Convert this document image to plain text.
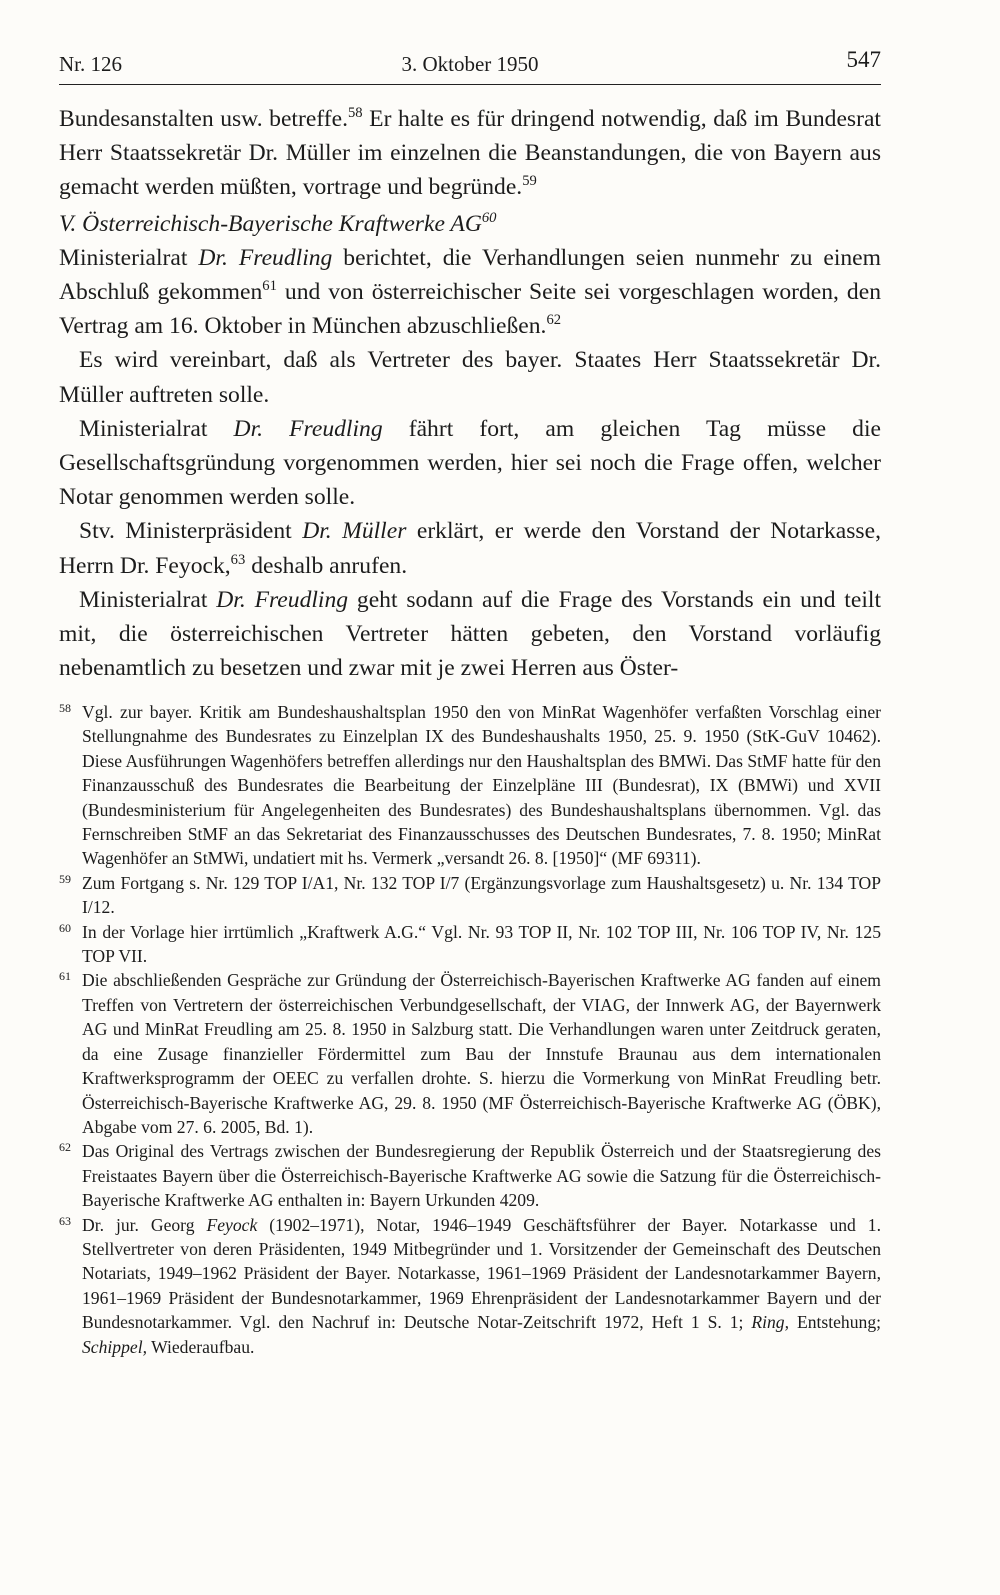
Nr. 126	3. Oktober 1950	547

Bundesanstalten usw. betreffe.$^{58}$ Er halte es für dringend notwendig, daß im Bundesrat Herr Staatssekretär Dr. Müller im einzelnen die Beanstandungen, die von Bayern aus gemacht werden müßten, vortrage und begründe.$^{59}$

V. Österreichisch-Bayerische Kraftwerke AG$^{60}$

Ministerialrat Dr. Freudling berichtet, die Verhandlungen seien nunmehr zu einem Abschluß gekommen$^{61}$ und von österreichischer Seite sei vorgeschlagen worden, den Vertrag am 16. Oktober in München abzuschließen.$^{62}$

Es wird vereinbart, daß als Vertreter des bayer. Staates Herr Staatssekretär Dr. Müller auftreten solle.

Ministerialrat Dr. Freudling fährt fort, am gleichen Tag müsse die Gesellschaftsgründung vorgenommen werden, hier sei noch die Frage offen, welcher Notar genommen werden solle.

Stv. Ministerpräsident Dr. Müller erklärt, er werde den Vorstand der Notarkasse, Herrn Dr. Feyock,$^{63}$ deshalb anrufen.

Ministerialrat Dr. Freudling geht sodann auf die Frage des Vorstands ein und teilt mit, die österreichischen Vertreter hätten gebeten, den Vorstand vorläufig nebenamtlich zu besetzen und zwar mit je zwei Herren aus Öster-

58 Vgl. zur bayer. Kritik am Bundeshaushaltsplan 1950 den von MinRat Wagenhöfer verfaßten Vorschlag einer Stellungnahme des Bundesrates zu Einzelplan IX des Bundeshaushalts 1950, 25. 9. 1950 (StK-GuV 10462). Diese Ausführungen Wagenhöfers betreffen allerdings nur den Haushaltsplan des BMWi. Das StMF hatte für den Finanzausschuß des Bundesrates die Bearbeitung der Einzelpläne III (Bundesrat), IX (BMWi) und XVII (Bundesministerium für Angelegenheiten des Bundesrates) des Bundeshaushaltsplans übernommen. Vgl. das Fernschreiben StMF an das Sekretariat des Finanzausschusses des Deutschen Bundesrates, 7. 8. 1950; MinRat Wagenhöfer an StMWi, undatiert mit hs. Vermerk „versandt 26. 8. [1950]“ (MF 69311).
59 Zum Fortgang s. Nr. 129 TOP I/A1, Nr. 132 TOP I/7 (Ergänzungsvorlage zum Haushaltsgesetz) u. Nr. 134 TOP I/12.
60 In der Vorlage hier irrtümlich „Kraftwerk A.G.“ Vgl. Nr. 93 TOP II, Nr. 102 TOP III, Nr. 106 TOP IV, Nr. 125 TOP VII.
61 Die abschließenden Gespräche zur Gründung der Österreichisch-Bayerischen Kraftwerke AG fanden auf einem Treffen von Vertretern der österreichischen Verbundgesellschaft, der VIAG, der Innwerk AG, der Bayernwerk AG und MinRat Freudling am 25. 8. 1950 in Salzburg statt. Die Verhandlungen waren unter Zeitdruck geraten, da eine Zusage finanzieller Fördermittel zum Bau der Innstufe Braunau aus dem internationalen Kraftwerksprogramm der OEEC zu verfallen drohte. S. hierzu die Vormerkung von MinRat Freudling betr. Österreichisch-Bayerische Kraftwerke AG, 29. 8. 1950 (MF Österreichisch-Bayerische Kraftwerke AG (ÖBK), Abgabe vom 27. 6. 2005, Bd. 1).
62 Das Original des Vertrags zwischen der Bundesregierung der Republik Österreich und der Staatsregierung des Freistaates Bayern über die Österreichisch-Bayerische Kraftwerke AG sowie die Satzung für die Österreichisch-Bayerische Kraftwerke AG enthalten in: Bayern Urkunden 4209.
63 Dr. jur. Georg Feyock (1902–1971), Notar, 1946–1949 Geschäftsführer der Bayer. Notarkasse und 1. Stellvertreter von deren Präsidenten, 1949 Mitbegründer und 1. Vorsitzender der Gemeinschaft des Deutschen Notariats, 1949–1962 Präsident der Bayer. Notarkasse, 1961–1969 Präsident der Landesnotarkammer Bayern, 1961–1969 Präsident der Bundesnotarkammer, 1969 Ehrenpräsident der Landesnotarkammer Bayern und der Bundesnotarkammer. Vgl. den Nachruf in: Deutsche Notar-Zeitschrift 1972, Heft 1 S. 1; Ring, Entstehung; Schippel, Wiederaufbau.
